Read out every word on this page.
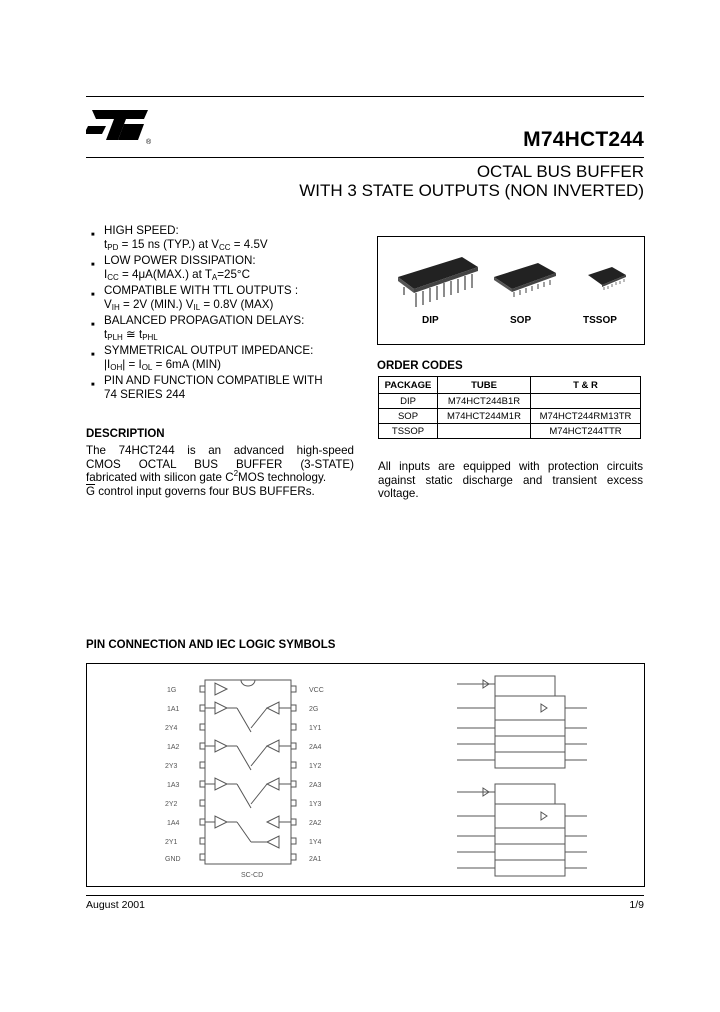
®	M74HCT244
OCTAL BUS BUFFER
WITH 3 STATE OUTPUTS (NON INVERTED)
■ HIGH SPEED:
$t_{PD} = 15$ ns (TYP.) at $V_{CC} = 4.5V$
■ LOW POWER DISSIPATION:
$I_{CC} = 4\mu A(MAX.)$ at $T_A=25^\circ C$
■ COMPATIBLE WITH TTL OUTPUTS :
$V_{IH} = 2V$ (MIN.) $V_{IL} = 0.8V$ (MAX)
■ BALANCED PROPAGATION DELAYS:
$t_{PLH}$ ≅ $t_{PHL}$
■ SYMMETRICAL OUTPUT IMPEDANCE:
$|I_{OH}| = I_{OL} = 6mA$ (MIN)
■ PIN AND FUNCTION COMPATIBLE WITH
74 SERIES 244
DESCRIPTION
The 74HCT244 is an advanced high-speed
CMOS OCTAL BUS BUFFER (3-STATE)
fabricated with silicon gate $C^2MOS$ technology.
$\overline{G}$ control input governs four BUS BUFFERs.
DIP	SOP	TSSOP
ORDER CODES
PACKAGE	TUBE	T & R
DIP	M74HCT244B1R	
SOP	M74HCT244M1R	M74HCT244RM13TR
TSSOP		M74HCT244TTR
All inputs are equipped with protection circuits
against static discharge and transient excess
voltage.
PIN CONNECTION AND IEC LOGIC SYMBOLS
1G
1A1
2Y4
1A2
2Y3
1A3
2Y2
1A4
2Y1
GND
VCC
2G
1Y1
2A4
1Y2
2A3
1Y3
2A2
1Y4
2A1
SC-CD
August 2001	1/9
